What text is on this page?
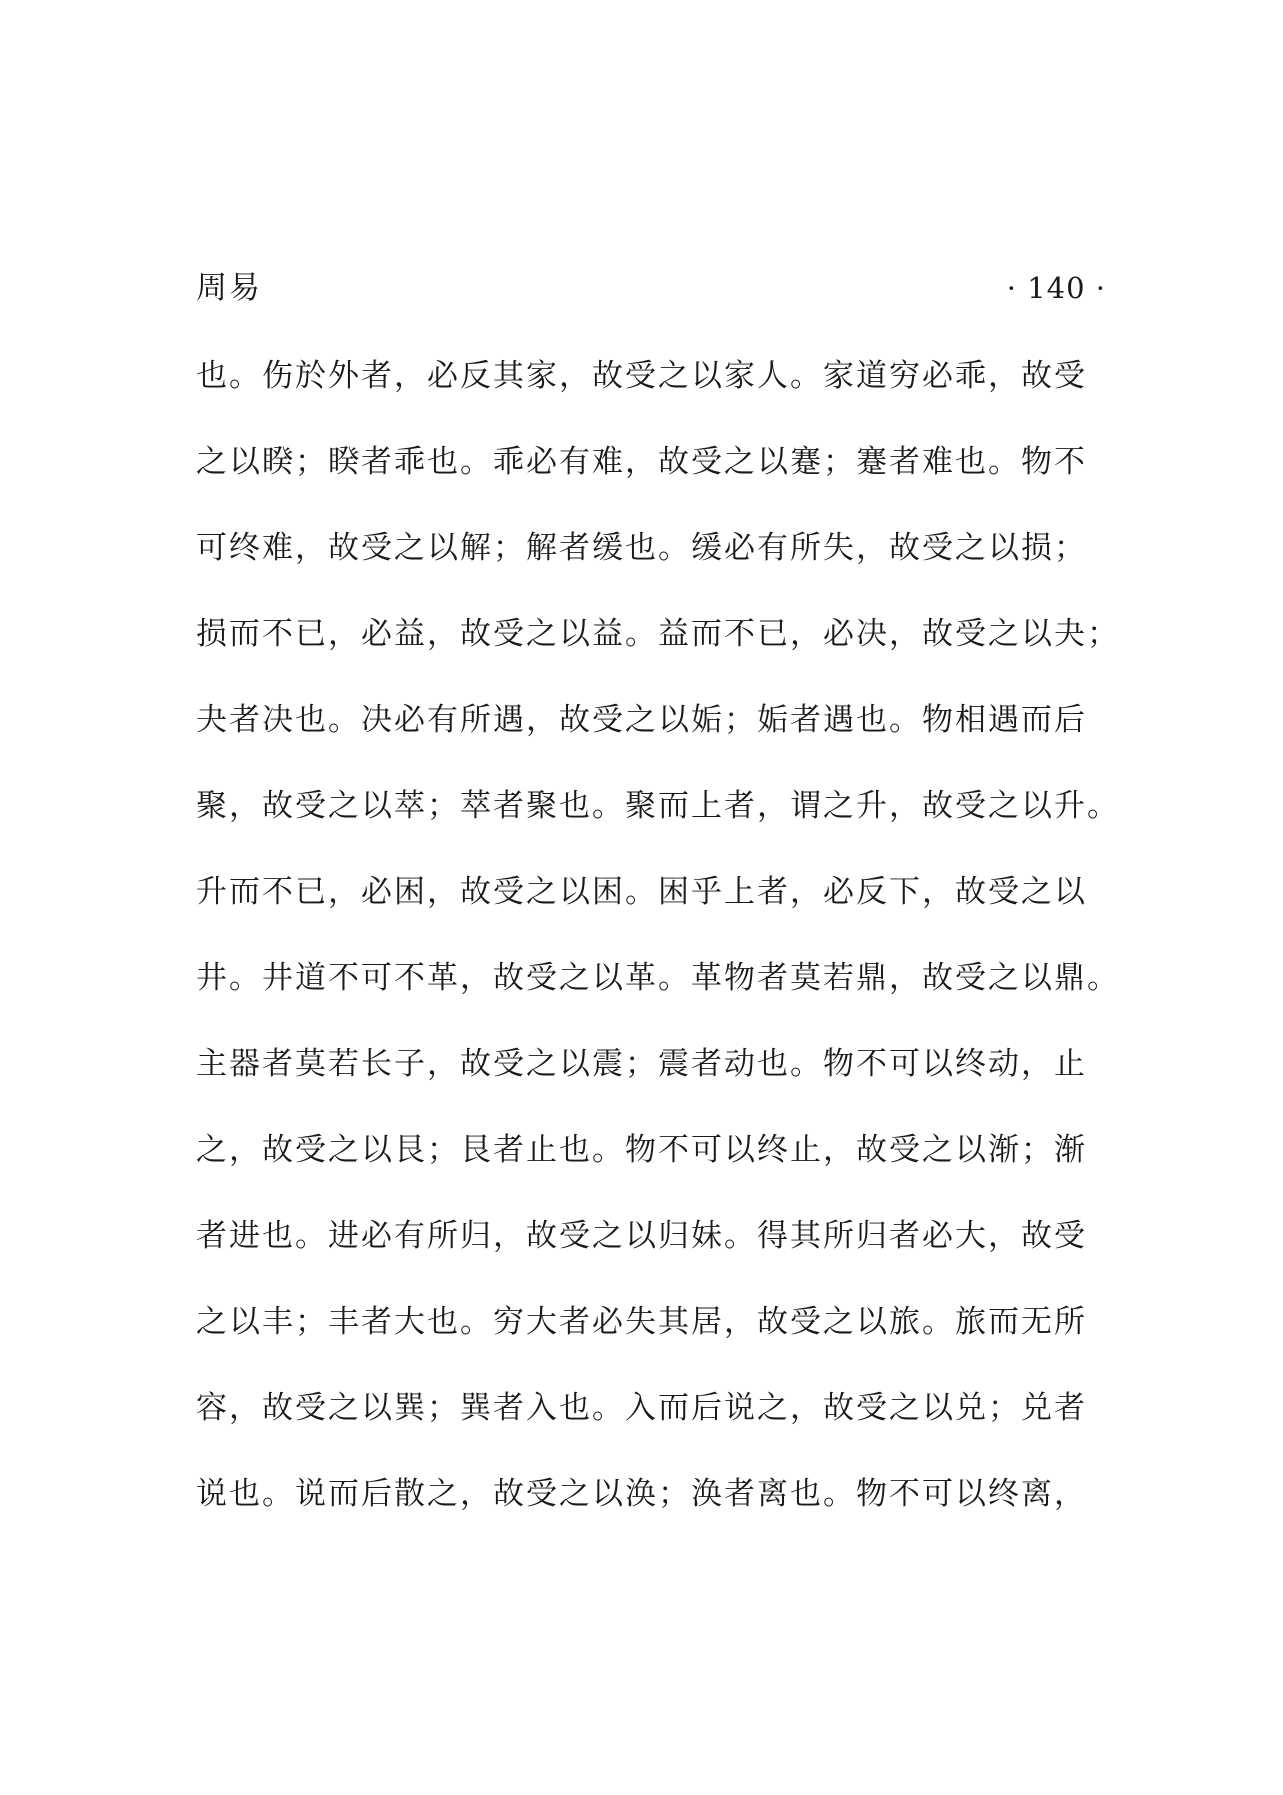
周易	· 140 ·
也。伤於外者，必反其家，故受之以家人。家道穷必乖，故受
之以睽；睽者乖也。乖必有难，故受之以蹇；蹇者难也。物不
可终难，故受之以解；解者缓也。缓必有所失，故受之以损；
损而不已，必益，故受之以益。益而不已，必决，故受之以夬；
夬者决也。决必有所遇，故受之以姤；姤者遇也。物相遇而后
聚，故受之以萃；萃者聚也。聚而上者，谓之升，故受之以升。
升而不已，必困，故受之以困。困乎上者，必反下，故受之以
井。井道不可不革，故受之以革。革物者莫若鼎，故受之以鼎。
主器者莫若长子，故受之以震；震者动也。物不可以终动，止
之，故受之以艮；艮者止也。物不可以终止，故受之以渐；渐
者进也。进必有所归，故受之以归妹。得其所归者必大，故受
之以丰；丰者大也。穷大者必失其居，故受之以旅。旅而无所
容，故受之以巽；巽者入也。入而后说之，故受之以兑；兑者
说也。说而后散之，故受之以涣；涣者离也。物不可以终离，
